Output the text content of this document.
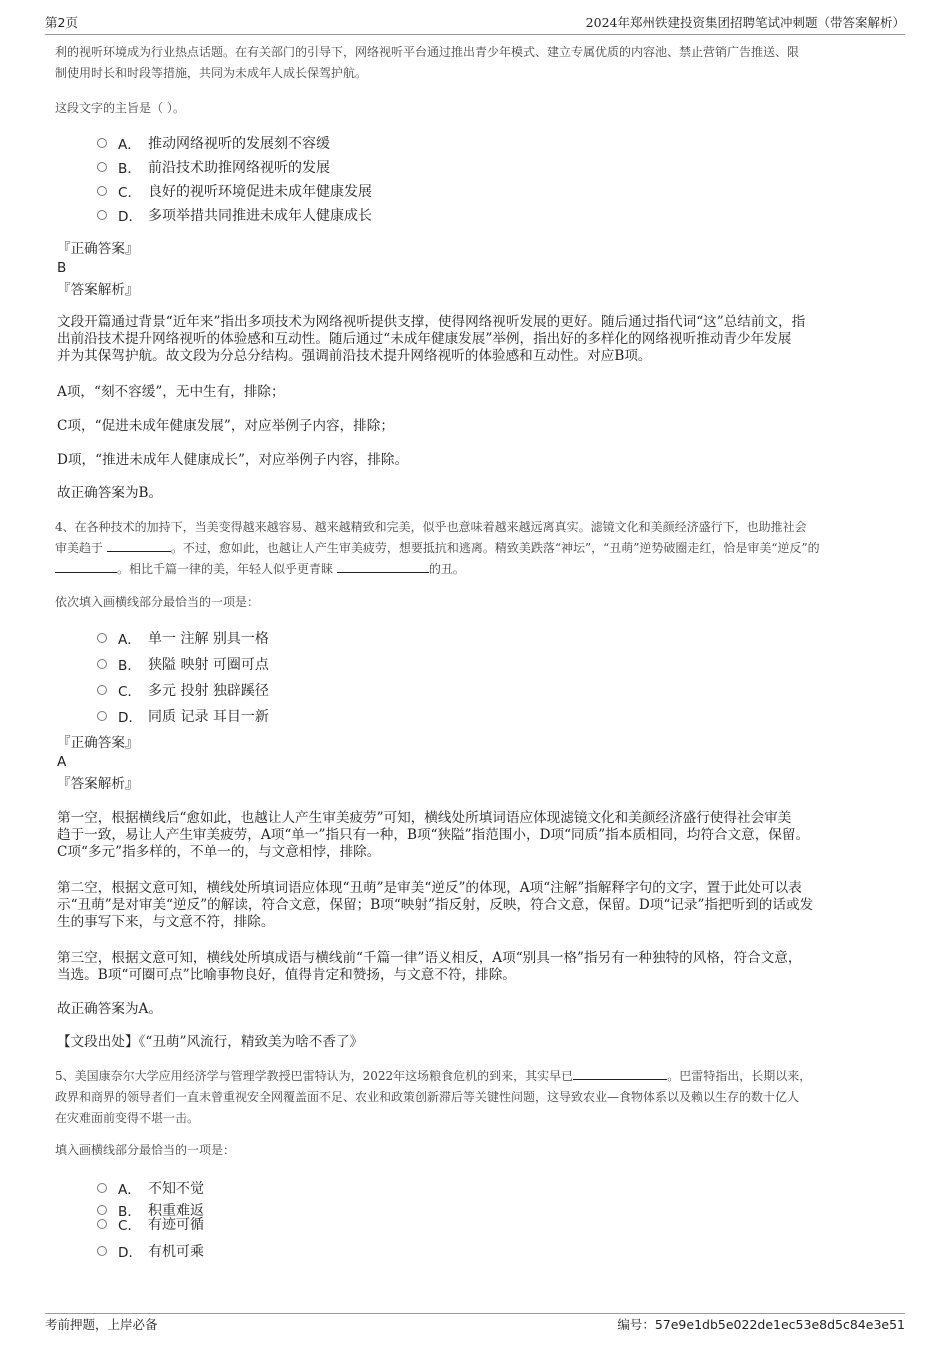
第2页	2024年郑州铁建投资集团招聘笔试冲刺题（带答案解析）
利的视听环境成为行业热点话题。在有关部门的引导下，网络视听平台通过推出青少年模式、建立专属优质的内容池、禁止营销广告推送、限
制使用时长和时段等措施，共同为未成年人成长保驾护航。
这段文字的主旨是（ ）。
A． 推动网络视听的发展刻不容缓
B． 前沿技术助推网络视听的发展
C． 良好的视听环境促进未成年健康发展
D． 多项举措共同推进未成年人健康成长
『正确答案』
B
『答案解析』
文段开篇通过背景“近年来”指出多项技术为网络视听提供支撑，使得网络视听发展的更好。随后通过指代词“这”总结前文，指
出前沿技术提升网络视听的体验感和互动性。随后通过“未成年健康发展”举例，指出好的多样化的网络视听推动青少年发展
并为其保驾护航。故文段为分总分结构。强调前沿技术提升网络视听的体验感和互动性。对应B项。
A项，“刻不容缓”，无中生有，排除；
C项，“促进未成年健康发展”，对应举例子内容，排除；
D项，“推进未成年人健康成长”，对应举例子内容，排除。
故正确答案为B。
4、在各种技术的加持下，当美变得越来越容易、越来越精致和完美，似乎也意味着越来越远离真实。滤镜文化和美颜经济盛行下，也助推社会
审美趋于	。不过，愈如此，也越让人产生审美疲劳，想要抵抗和逃离。精致美跌落“神坛”，“丑萌”逆势破圈走红，恰是审美“逆反”的
。相比千篇一律的美，年轻人似乎更青睐	的丑。
依次填入画横线部分最恰当的一项是：
A． 单一 注解 别具一格
B． 狭隘 映射 可圈可点
C． 多元 投射 独辟蹊径
D． 同质 记录 耳目一新
『正确答案』
A
『答案解析』
第一空，根据横线后“愈如此，也越让人产生审美疲劳”可知，横线处所填词语应体现滤镜文化和美颜经济盛行使得社会审美
趋于一致，易让人产生审美疲劳，A项“单一”指只有一种，B项“狭隘”指范围小，D项“同质”指本质相同，均符合文意，保留。
C项“多元”指多样的，不单一的，与文意相悖，排除。
第二空，根据文意可知，横线处所填词语应体现“丑萌”是审美“逆反”的体现，A项“注解”指解释字句的文字，置于此处可以表
示“丑萌”是对审美“逆反”的解读，符合文意，保留；B项“映射”指反射，反映，符合文意，保留。D项“记录”指把听到的话或发
生的事写下来，与文意不符，排除。
第三空，根据文意可知，横线处所填成语与横线前“千篇一律”语义相反，A项“别具一格”指另有一种独特的风格，符合文意，
当选。B项“可圈可点”比喻事物良好，值得肯定和赞扬，与文意不符，排除。
故正确答案为A。
【文段出处】《“丑萌”风流行，精致美为啥不香了》
5、美国康奈尔大学应用经济学与管理学教授巴雷特认为，2022年这场粮食危机的到来，其实早已	。巴雷特指出，长期以来，
政界和商界的领导者们一直未曾重视安全网覆盖面不足、农业和政策创新滞后等关键性问题，这导致农业—食物体系以及赖以生存的数十亿人
在灾难面前变得不堪一击。
填入画横线部分最恰当的一项是：
A． 不知不觉
B． 积重难返
C． 有迹可循
D． 有机可乘
考前押题，上岸必备	编号：57e9e1db5e022de1ec53e8d5c84e3e51
